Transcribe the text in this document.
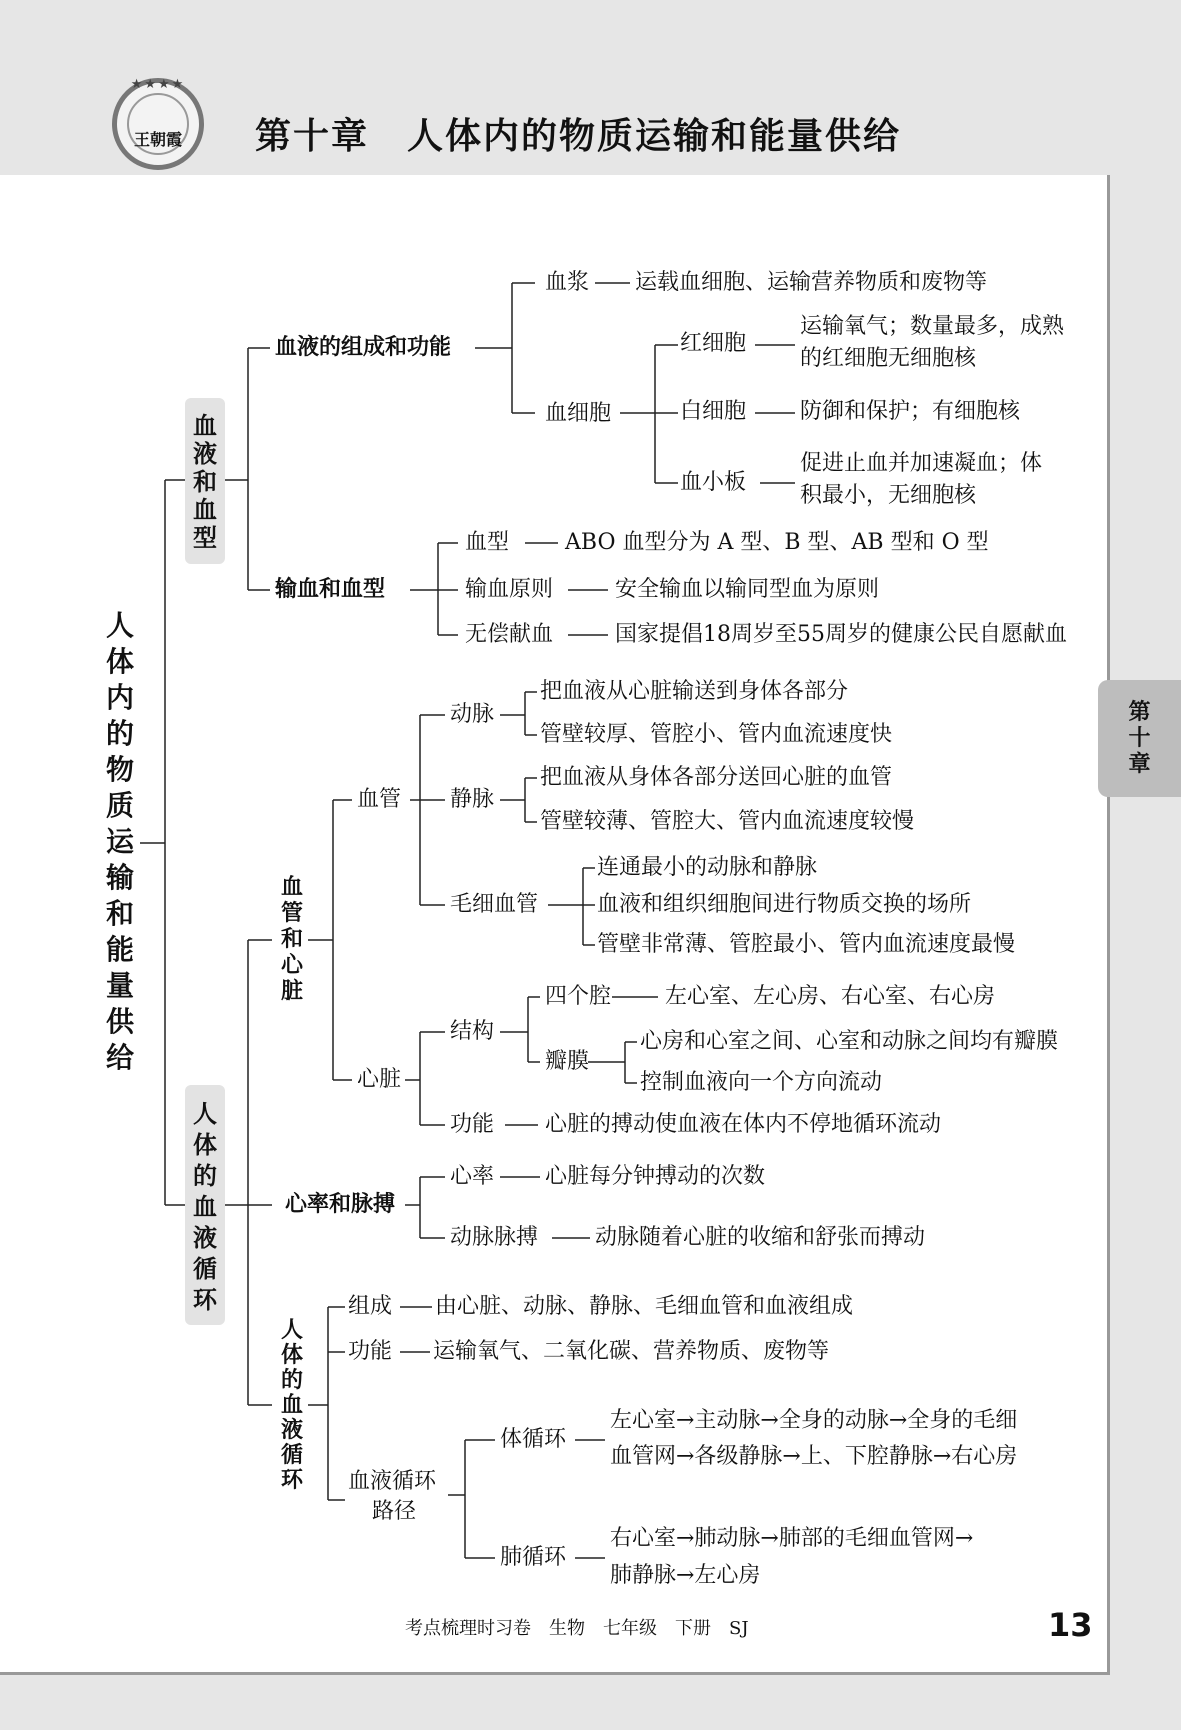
★★★★
王朝霞	第十章　人体内的物质运输和能量供给
第
十
章
人
体
内
的
物
质
运
输
和
能
量
供
给
血
液
和
血
型
血液的组成和功能
血浆 运载血细胞、运输营养物质和废物等
血细胞
红细胞
运输氧气；数量最多，成熟
的红细胞无细胞核
白细胞 防御和保护；有细胞核
血小板
促进止血并加速凝血；体
积最小，无细胞核
输血和血型
血型	ABO 血型分为 A 型、B 型、AB 型和 O 型
输血原则	安全输血以输同型血为原则
无偿献血	国家提倡18周岁至55周岁的健康公民自愿献血
人
体
的
血
液
循
环
血
管
和
心
脏
血管
动脉
把血液从心脏输送到身体各部分
管壁较厚、管腔小、管内血流速度快
静脉
把血液从身体各部分送回心脏的血管
管壁较薄、管腔大、管内血流速度较慢
毛细血管
连通最小的动脉和静脉
血液和组织细胞间进行物质交换的场所
管壁非常薄、管腔最小、管内血流速度最慢
心脏
结构
四个腔 左心室、左心房、右心室、右心房
瓣膜
心房和心室之间、心室和动脉之间均有瓣膜
控制血液向一个方向流动
功能 心脏的搏动使血液在体内不停地循环流动
心率和脉搏
心率 心脏每分钟搏动的次数
动脉脉搏	动脉随着心脏的收缩和舒张而搏动
人
体
的
血
液
循
环
组成 由心脏、动脉、静脉、毛细血管和血液组成
功能 运输氧气、二氧化碳、营养物质、废物等
血液循环
路径
体循环
左心室→主动脉→全身的动脉→全身的毛细
血管网→各级静脉→上、下腔静脉→右心房
肺循环
右心室→肺动脉→肺部的毛细血管网→
肺静脉→左心房
考点梳理时习卷　生物　七年级　下册　SJ	13
